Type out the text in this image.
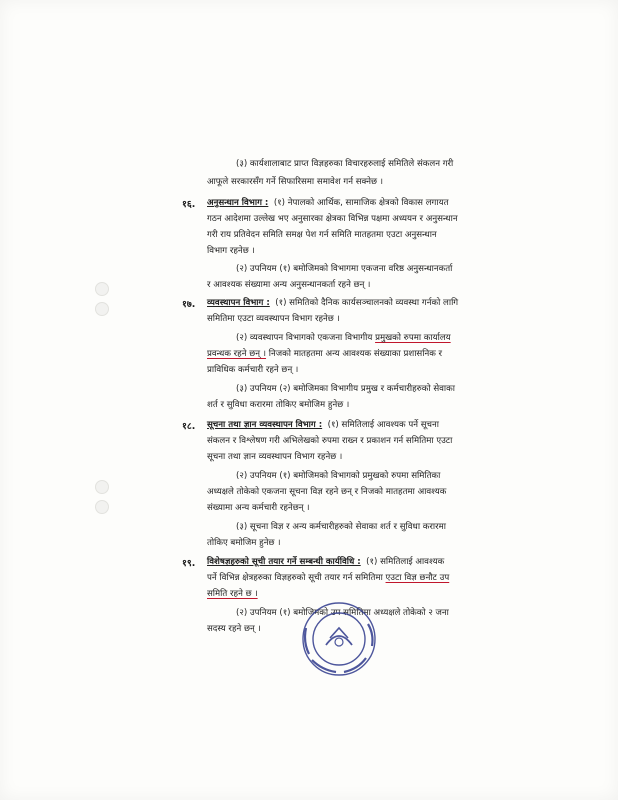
(३) कार्यशालाबाट प्राप्त विज्ञहरुका विचारहरुलाई समितिले संकलन गरी
आफूले सरकारसँग गर्ने सिफारिसमा समावेश गर्न सक्नेछ ।
१६. अनुसन्धान विभाग : (१) नेपालको आर्थिक, सामाजिक क्षेत्रको विकास लगायत
गठन आदेशमा उल्लेख भए अनुसारका क्षेत्रका विभिन्न पक्षमा अध्ययन र अनुसन्धान
गरी राय प्रतिवेदन समिति समक्ष पेश गर्न समिति मातहतमा एउटा अनुसन्धान
विभाग रहनेछ ।
(२) उपनियम (१) बमोजिमको विभागमा एकजना वरिष्ठ अनुसन्धानकर्ता
र आवश्यक संख्यामा अन्य अनुसन्धानकर्ता रहने छन् ।
१७. व्यवस्थापन विभाग : (१) समितिको दैनिक कार्यसञ्चालनको व्यवस्था गर्नको लागि
समितिमा एउटा व्यवस्थापन विभाग रहनेछ ।
(२) व्यवस्थापन विभागको एकजना विभागीय प्रमुखको रुपमा कार्यालय
प्रवन्धक रहने छन् । निजको मातहतमा अन्य आवश्यक संख्याका प्रशासनिक र
प्राविधिक कर्मचारी रहने छन् ।
(३) उपनियम (२) बमोजिमका विभागीय प्रमुख र कर्मचारीहरुको सेवाका
शर्त र सुविधा करारमा तोकिए बमोजिम हुनेछ ।
१८. सूचना तथा ज्ञान व्यवस्थापन विभाग : (१) समितिलाई आवश्यक पर्ने सूचना
संकलन र विश्लेषण गरी अभिलेखको रुपमा राख्न र प्रकाशन गर्न समितिमा एउटा
सूचना तथा ज्ञान व्यवस्थापन विभाग रहनेछ ।
(२) उपनियम (१) बमोजिमको विभागको प्रमुखको रुपमा समितिका
अध्यक्षले तोकेको एकजना सूचना विज्ञ रहने छन् र निजको मातहतमा आवश्यक
संख्यामा अन्य कर्मचारी रहनेछन् ।
(३) सूचना विज्ञ र अन्य कर्मचारीहरुको सेवाका शर्त र सुविधा करारमा
तोकिए बमोजिम हुनेछ ।
१९. विशेषज्ञहरुको सूची तयार गर्ने सम्बन्धी कार्यविधि : (१) समितिलाई आवश्यक
पर्ने विभिन्न क्षेत्रहरुका विज्ञहरुको सूची तयार गर्न समितिमा एउटा विज्ञ छनौट उप
समिति रहने छ ।
(२) उपनियम (१) बमोजिमको उप समितिमा अध्यक्षले तोकेको २ जना
सदस्य रहने छन् ।
